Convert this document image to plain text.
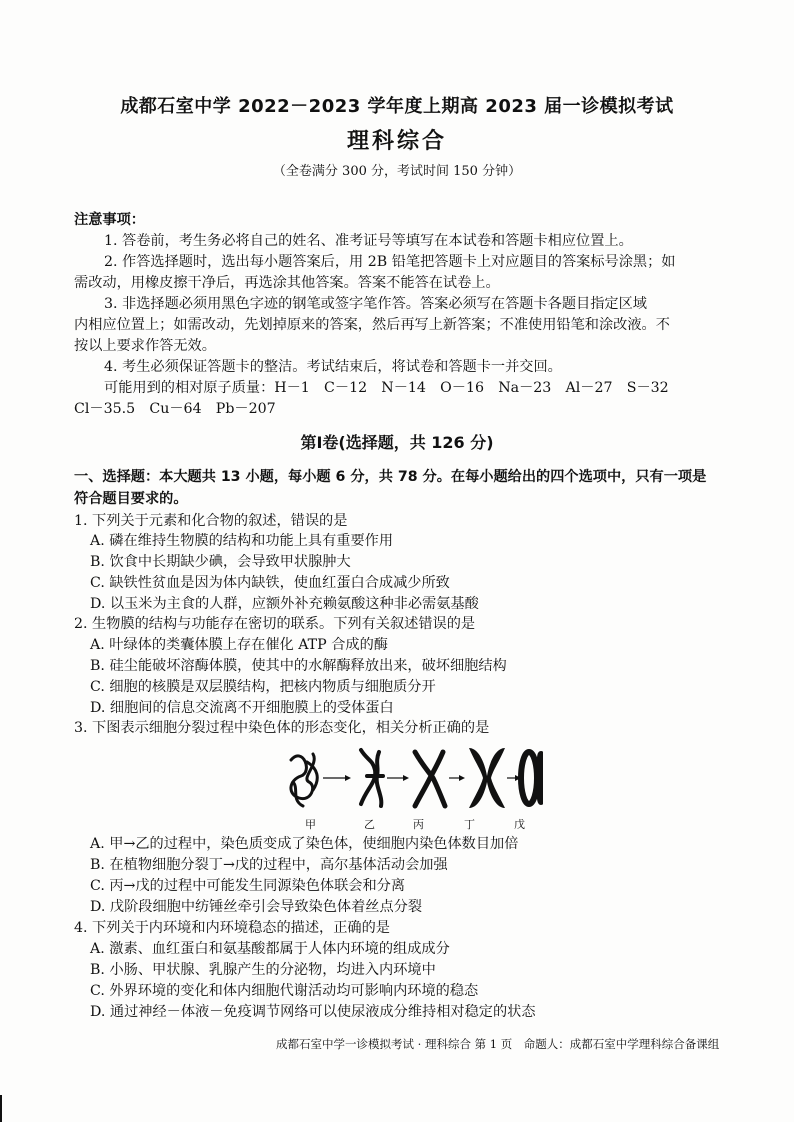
成都石室中学 2022－2023 学年度上期高 2023 届一诊模拟考试
理科综合
（全卷满分 300 分，考试时间 150 分钟）
注意事项：
1. 答卷前，考生务必将自己的姓名、准考证号等填写在本试卷和答题卡相应位置上。
2. 作答选择题时，选出每小题答案后，用 2B 铅笔把答题卡上对应题目的答案标号涂黑；如
需改动，用橡皮擦干净后，再选涂其他答案。答案不能答在试卷上。
3. 非选择题必须用黑色字迹的钢笔或签字笔作答。答案必须写在答题卡各题目指定区域
内相应位置上；如需改动，先划掉原来的答案，然后再写上新答案；不准使用铅笔和涂改液。不
按以上要求作答无效。
4. 考生必须保证答题卡的整洁。考试结束后，将试卷和答题卡一并交回。
可能用到的相对原子质量：H－1　C－12　N－14　O－16　Na－23　Al－27　S－32
Cl－35.5　Cu－64　Pb－207
第Ⅰ卷(选择题，共 126 分)
一、选择题：本大题共 13 小题，每小题 6 分，共 78 分。在每小题给出的四个选项中，只有一项是
符合题目要求的。
1. 下列关于元素和化合物的叙述，错误的是
A. 磷在维持生物膜的结构和功能上具有重要作用
B. 饮食中长期缺少碘，会导致甲状腺肿大
C. 缺铁性贫血是因为体内缺铁，使血红蛋白合成减少所致
D. 以玉米为主食的人群，应额外补充赖氨酸这种非必需氨基酸
2. 生物膜的结构与功能存在密切的联系。下列有关叙述错误的是
A. 叶绿体的类囊体膜上存在催化 ATP 合成的酶
B. 硅尘能破坏溶酶体膜，使其中的水解酶释放出来，破坏细胞结构
C. 细胞的核膜是双层膜结构，把核内物质与细胞质分开
D. 细胞间的信息交流离不开细胞膜上的受体蛋白
3. 下图表示细胞分裂过程中染色体的形态变化，相关分析正确的是
甲	乙	丙	丁	戊
A. 甲→乙的过程中，染色质变成了染色体，使细胞内染色体数目加倍
B. 在植物细胞分裂丁→戊的过程中，高尔基体活动会加强
C. 丙→戊的过程中可能发生同源染色体联会和分离
D. 戊阶段细胞中纺锤丝牵引会导致染色体着丝点分裂
4. 下列关于内环境和内环境稳态的描述，正确的是
A. 激素、血红蛋白和氨基酸都属于人体内环境的组成成分
B. 小肠、甲状腺、乳腺产生的分泌物，均进入内环境中
C. 外界环境的变化和体内细胞代谢活动均可影响内环境的稳态
D. 通过神经－体液－免疫调节网络可以使尿液成分维持相对稳定的状态
成都石室中学一诊模拟考试 · 理科综合 第 1 页　命题人：成都石室中学理科综合备课组
